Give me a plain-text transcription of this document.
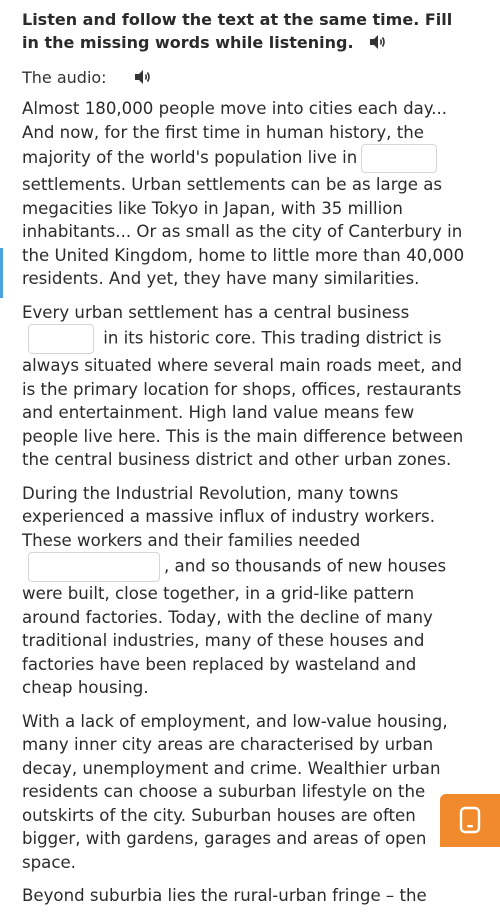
Listen and follow the text at the same time. Fill in the missing words while listening.
The audio:

Almost 180,000 people move into cities each day... And now, for the first time in human history, the majority of the world's population live insettlements. Urban settlements can be as large as megacities like Tokyo in Japan, with 35 million inhabitants... Or as small as the city of Canterbury in the United Kingdom, home to little more than 40,000 residents. And yet, they have many similarities.

Every urban settlement has a central business in its historic core. This trading district is always situated where several main roads meet, and is the primary location for shops, offices, restaurants and entertainment. High land value means few people live here. This is the main difference between the central business district and other urban zones.

During the Industrial Revolution, many towns experienced a massive influx of industry workers. These workers and their families needed, and so thousands of new houses were built, close together, in a grid-like pattern around factories. Today, with the decline of many traditional industries, many of these houses and factories have been replaced by wasteland and cheap housing.

With a lack of employment, and low-value housing, many inner city areas are characterised by urban decay, unemployment and crime. Wealthier urban residents can choose a suburban lifestyle on the outskirts of the city. Suburban houses are often bigger, with gardens, garages and areas of open space.

Beyond suburbia lies the rural-urban fringe – the
